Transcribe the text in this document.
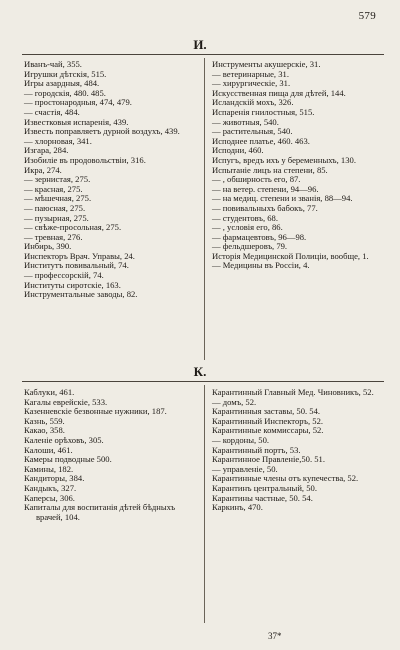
579
И.
Иванъ-чай, 355.
Игрушки дѣтскія, 515.
Игры азардныя, 484.
— городскія, 480. 485.
— простонародныя, 474, 479.
— счастія, 484.
Известковыя испаренія, 439.
Известь поправляетъ дурной воздухъ, 439.
— хлорновая, 341.
Изгара, 284.
Изобиліе въ продовольствіи, 316.
Икра, 274.
— зернистая, 275.
— красная, 275.
— мѣшечная, 275.
— паюсная, 275.
— пузырная, 275.
— свѣже-просольная, 275.
— тревная, 276.
Инбирь, 390.
Инспекторъ Врач. Управы, 24.
Институтъ повивальный, 74.
— профессорскій, 74.
Институты сиротскіе, 163.
Инструментальные заводы, 82.
Инструменты акушерскіе, 31.
— ветеринарные, 31.
— хирургическіе, 31.
Искусственная пища для дѣтей, 144.
Исландскій мохъ, 326.
Испаренія гнилостныя, 515.
— животныя, 540.
— растительныя, 540.
Исподнее платье, 460. 463.
Исподни, 460.
Испугъ, вредъ ихъ у беременныхъ, 130.
Испытаніе лицъ на степени, 85.
— , обширность его, 87.
— на ветер. степени, 94—96.
— на медиц. степени и званія, 88—94.
— повивальныхъ бабокъ, 77.
— студентовъ, 68.
— , условія его, 86.
— фармацевтовъ, 96—98.
— фельдшеровъ, 79.
Исторія Медицинской Полиціи, вообще, 1.
— Медицины въ Россіи, 4.
К.
Каблуки, 461.
Кагалы еврейскіе, 533.
Казенневскіе безвонные нужники, 187.
Казнь, 559.
Какао, 358.
Каленіе орѣховъ, 305.
Калоши, 461.
Камеры подводные 500.
Камины, 182.
Кандиторы, 384.
Кандыкъ, 327.
Каперсы, 306.
Капиталы для воспитанія дѣтей бѣдныхъ врачей, 104.
Карантинный Главный Мед. Чиновникъ, 52.
— домъ, 52.
Карантинныя заставы, 50. 54.
Карантинный Инспекторъ, 52.
Карантинные коммиссары, 52.
— кордоны, 50.
Карантинный портъ, 53.
Карантинное Правленіе,50. 51.
— управленіе, 50.
Карантинные члены отъ купечества, 52.
Карантинъ центральный, 50.
Карантины частные, 50. 54.
Каркинъ, 470.
37*
